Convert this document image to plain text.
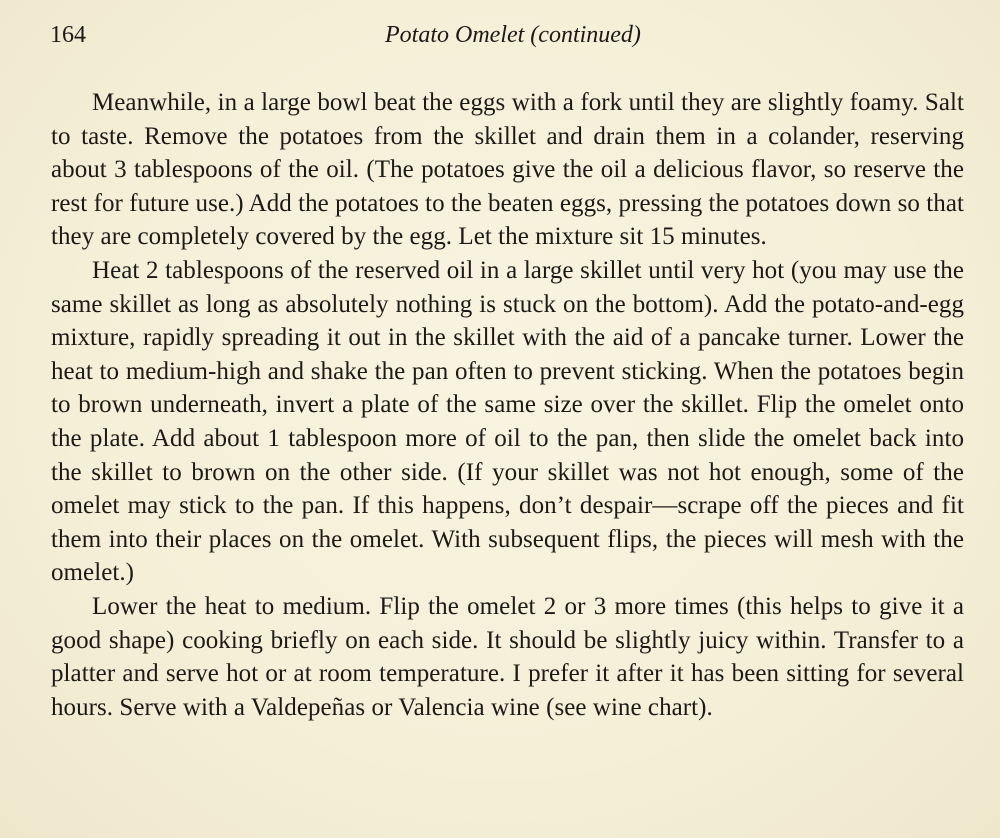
164	Potato Omelet (continued)

Meanwhile, in a large bowl beat the eggs with a fork until they are slightly foamy. Salt to taste. Remove the potatoes from the skillet and drain them in a colander, reserving about 3 tablespoons of the oil. (The potatoes give the oil a delicious flavor, so reserve the rest for future use.) Add the potatoes to the beaten eggs, pressing the potatoes down so that they are completely covered by the egg. Let the mixture sit 15 minutes.

Heat 2 tablespoons of the reserved oil in a large skillet until very hot (you may use the same skillet as long as absolutely nothing is stuck on the bottom). Add the potato-and-egg mixture, rapidly spreading it out in the skillet with the aid of a pancake turner. Lower the heat to medium-high and shake the pan often to prevent sticking. When the potatoes begin to brown underneath, invert a plate of the same size over the skillet. Flip the omelet onto the plate. Add about 1 tablespoon more of oil to the pan, then slide the omelet back into the skillet to brown on the other side. (If your skillet was not hot enough, some of the omelet may stick to the pan. If this happens, don’t despair—scrape off the pieces and fit them into their places on the omelet. With subsequent flips, the pieces will mesh with the omelet.)

Lower the heat to medium. Flip the omelet 2 or 3 more times (this helps to give it a good shape) cooking briefly on each side. It should be slightly juicy within. Transfer to a platter and serve hot or at room temperature. I prefer it after it has been sitting for several hours. Serve with a Valdepeñas or Valencia wine (see wine chart).
